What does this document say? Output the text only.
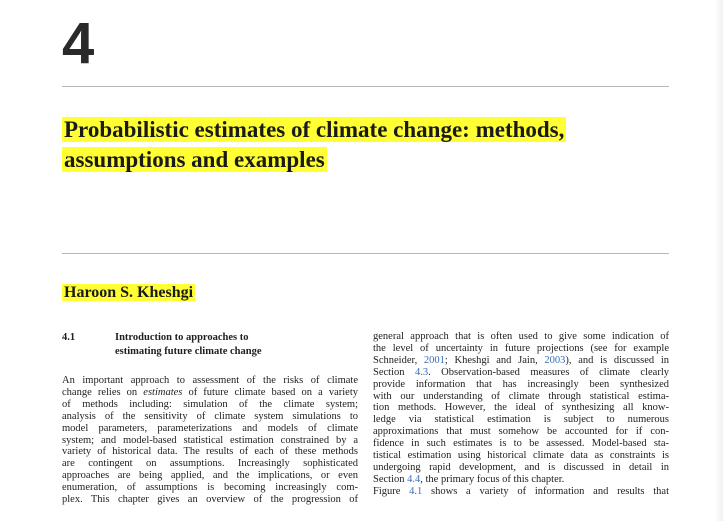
4
Probabilistic estimates of climate change: methods,
assumptions and examples
Haroon S. Kheshgi
4.1	Introduction to approaches to
estimating future climate change
An important approach to assessment of the risks of climate
change relies on estimates of future climate based on a variety
of methods including: simulation of the climate system;
analysis of the sensitivity of climate system simulations to
model parameters, parameterizations and models of climate
system; and model-based statistical estimation constrained by a
variety of historical data. The results of each of these methods
are contingent on assumptions. Increasingly sophisticated
approaches are being applied, and the implications, or even
enumeration, of assumptions is becoming increasingly com-
plex. This chapter gives an overview of the progression of
general approach that is often used to give some indication of
the level of uncertainty in future projections (see for example
Schneider, 2001; Kheshgi and Jain, 2003), and is discussed in
Section 4.3. Observation-based measures of climate clearly
provide information that has increasingly been synthesized
with our understanding of climate through statistical estima-
tion methods. However, the ideal of synthesizing all know-
ledge via statistical estimation is subject to numerous
approximations that must somehow be accounted for if con-
fidence in such estimates is to be assessed. Model-based sta-
tistical estimation using historical climate data as constraints is
undergoing rapid development, and is discussed in detail in
Section 4.4, the primary focus of this chapter.
Figure 4.1 shows a variety of information and results that
